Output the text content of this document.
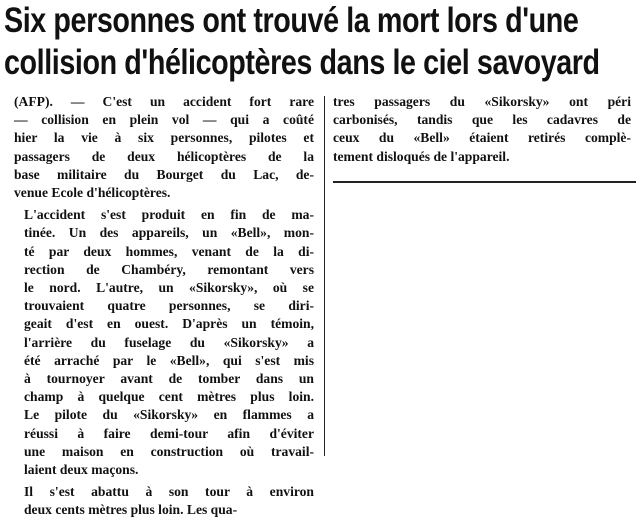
Six personnes ont trouvé la mort lors d'une
collision d'hélicoptères dans le ciel savoyard

(AFP). — C'est un accident fort rare
— collision en plein vol — qui a coûté
hier la vie à six personnes, pilotes et
passagers de deux hélicoptères de la
base militaire du Bourget du Lac, de-
venue Ecole d'hélicoptères.

L'accident s'est produit en fin de ma-
tinée. Un des appareils, un «Bell», mon-
té par deux hommes, venant de la di-
rection de Chambéry, remontant vers
le nord. L'autre, un «Sikorsky», où se
trouvaient quatre personnes, se diri-
geait d'est en ouest. D'après un témoin,
l'arrière du fuselage du «Sikorsky» a
été arraché par le «Bell», qui s'est mis
à tournoyer avant de tomber dans un
champ à quelque cent mètres plus loin.
Le pilote du «Sikorsky» en flammes a
réussi à faire demi-tour afin d'éviter
une maison en construction où travail-
laient deux maçons.

Il s'est abattu à son tour à environ
deux cents mètres plus loin. Les qua-

tres passagers du «Sikorsky» ont péri
carbonisés, tandis que les cadavres de
ceux du «Bell» étaient retirés complè-
tement disloqués de l'appareil.
